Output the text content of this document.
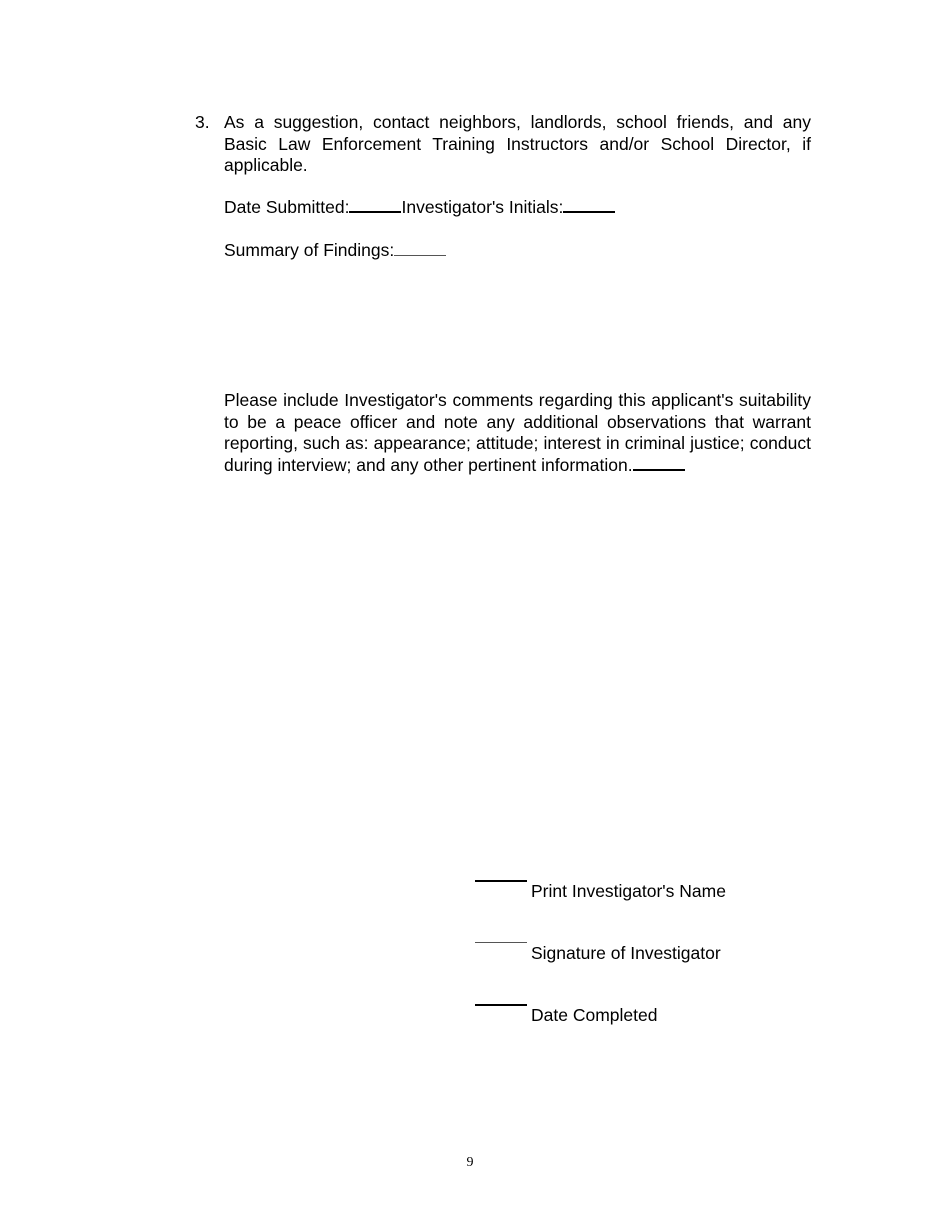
3. As a suggestion, contact neighbors, landlords, school friends, and any Basic Law Enforcement Training Instructors and/or School Director, if applicable.
Date Submitted:	Investigator's Initials:
Summary of Findings:
Please include Investigator's comments regarding this applicant's suitability to be a peace officer and note any additional observations that warrant reporting, such as: appearance; attitude; interest in criminal justice; conduct during interview; and any other pertinent information.
Print Investigator's Name
Signature of Investigator
Date Completed
9
